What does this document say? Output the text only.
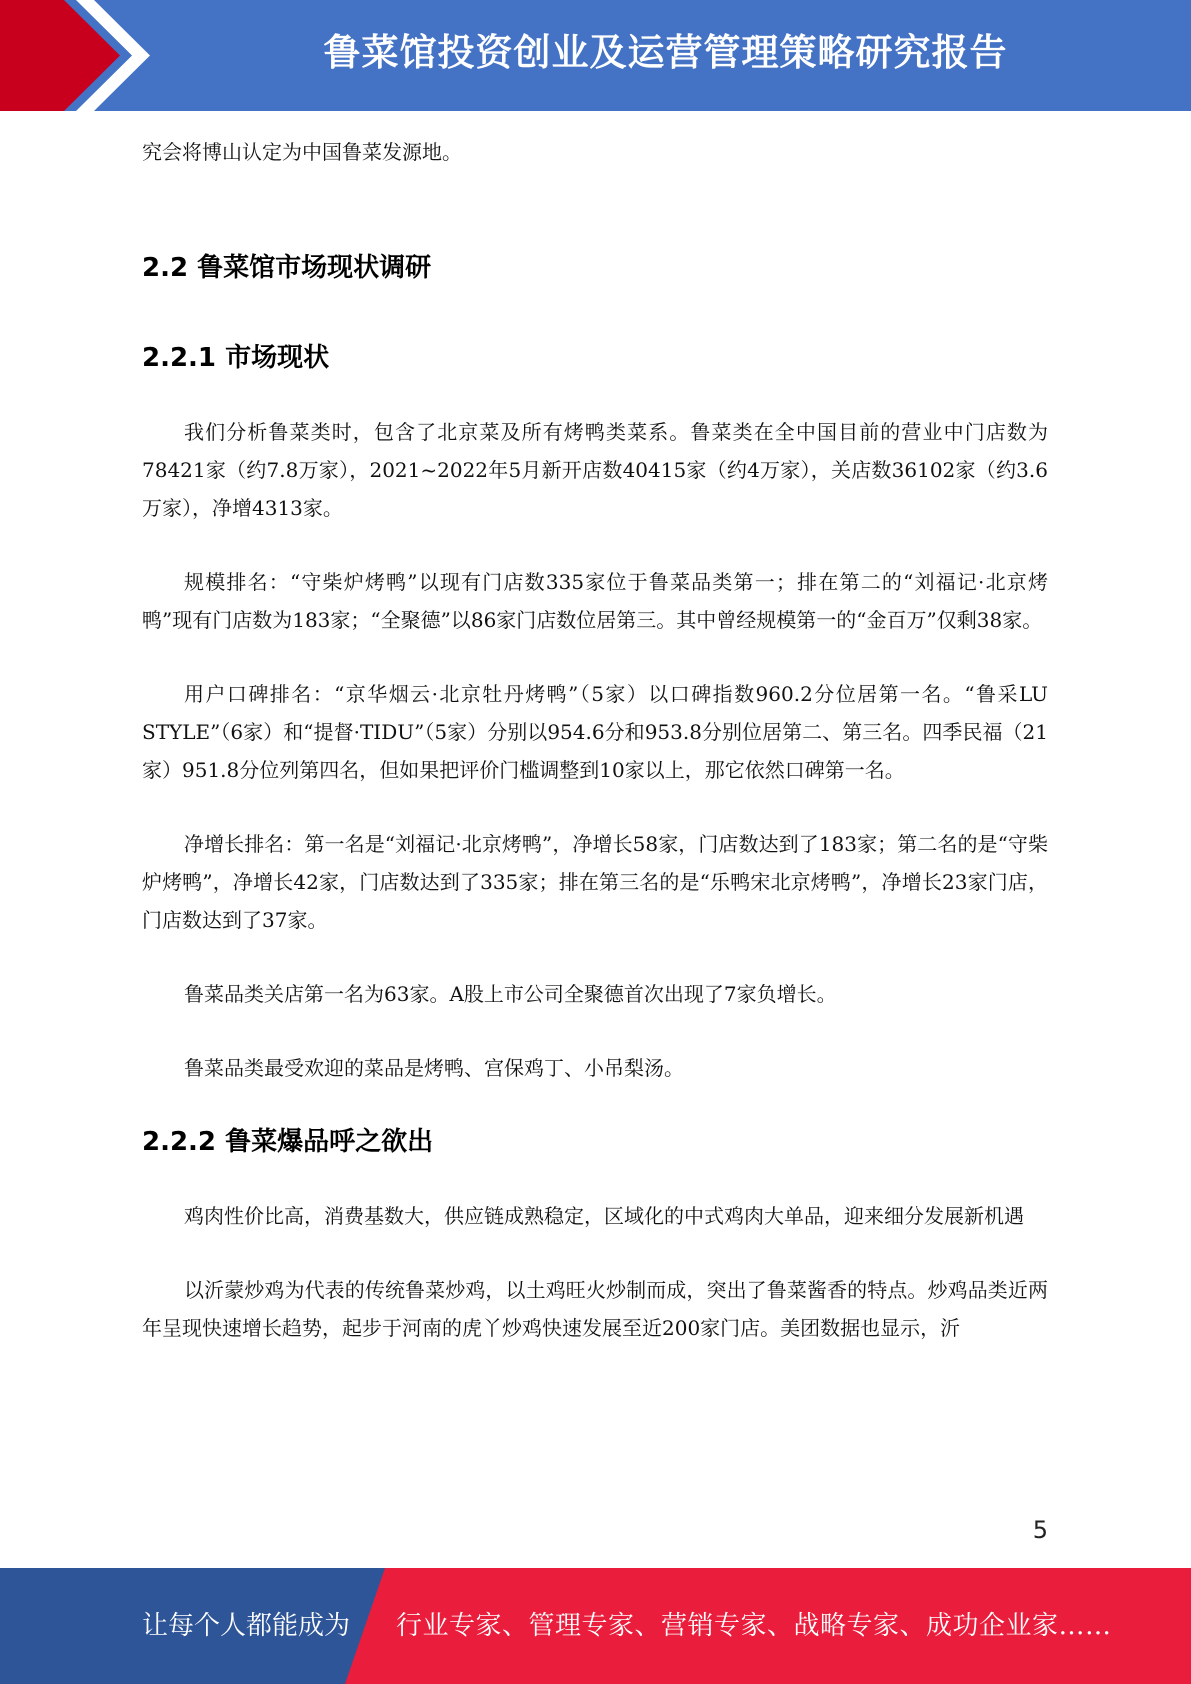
鲁菜馆投资创业及运营管理策略研究报告

究会将博山认定为中国鲁菜发源地。

2.2 鲁菜馆市场现状调研
2.2.1 市场现状

我们分析鲁菜类时，包含了北京菜及所有烤鸭类菜系。鲁菜类在全中国目前的营业中门店数为78421家（约7.8万家），2021~2022年5月新开店数40415家（约4万家），关店数36102家（约3.6万家），净增4313家。

规模排名：“守柴炉烤鸭”以现有门店数335家位于鲁菜品类第一；排在第二的“刘福记·北京烤鸭”现有门店数为183家；“全聚德”以86家门店数位居第三。其中曾经规模第一的“金百万”仅剩38家。

用户口碑排名：“京华烟云·北京牡丹烤鸭”（5家）以口碑指数960.2分位居第一名。“鲁采LU STYLE”（6家）和“提督·TIDU”（5家）分别以954.6分和953.8分别位居第二、第三名。四季民福（21家）951.8分位列第四名，但如果把评价门槛调整到10家以上，那它依然口碑第一名。

净增长排名：第一名是“刘福记·北京烤鸭”，净增长58家，门店数达到了183家；第二名的是“守柴炉烤鸭”，净增长42家，门店数达到了335家；排在第三名的是“乐鸭宋北京烤鸭”，净增长23家门店，门店数达到了37家。

鲁菜品类关店第一名为63家。A股上市公司全聚德首次出现了7家负增长。

鲁菜品类最受欢迎的菜品是烤鸭、宫保鸡丁、小吊梨汤。

2.2.2 鲁菜爆品呼之欲出

鸡肉性价比高，消费基数大，供应链成熟稳定，区域化的中式鸡肉大单品，迎来细分发展新机遇

以沂蒙炒鸡为代表的传统鲁菜炒鸡，以土鸡旺火炒制而成，突出了鲁菜酱香的特点。炒鸡品类近两年呈现快速增长趋势，起步于河南的虎丫炒鸡快速发展至近200家门店。美团数据也显示，沂

5
让每个人都能成为 行业专家、管理专家、营销专家、战略专家、成功企业家……
